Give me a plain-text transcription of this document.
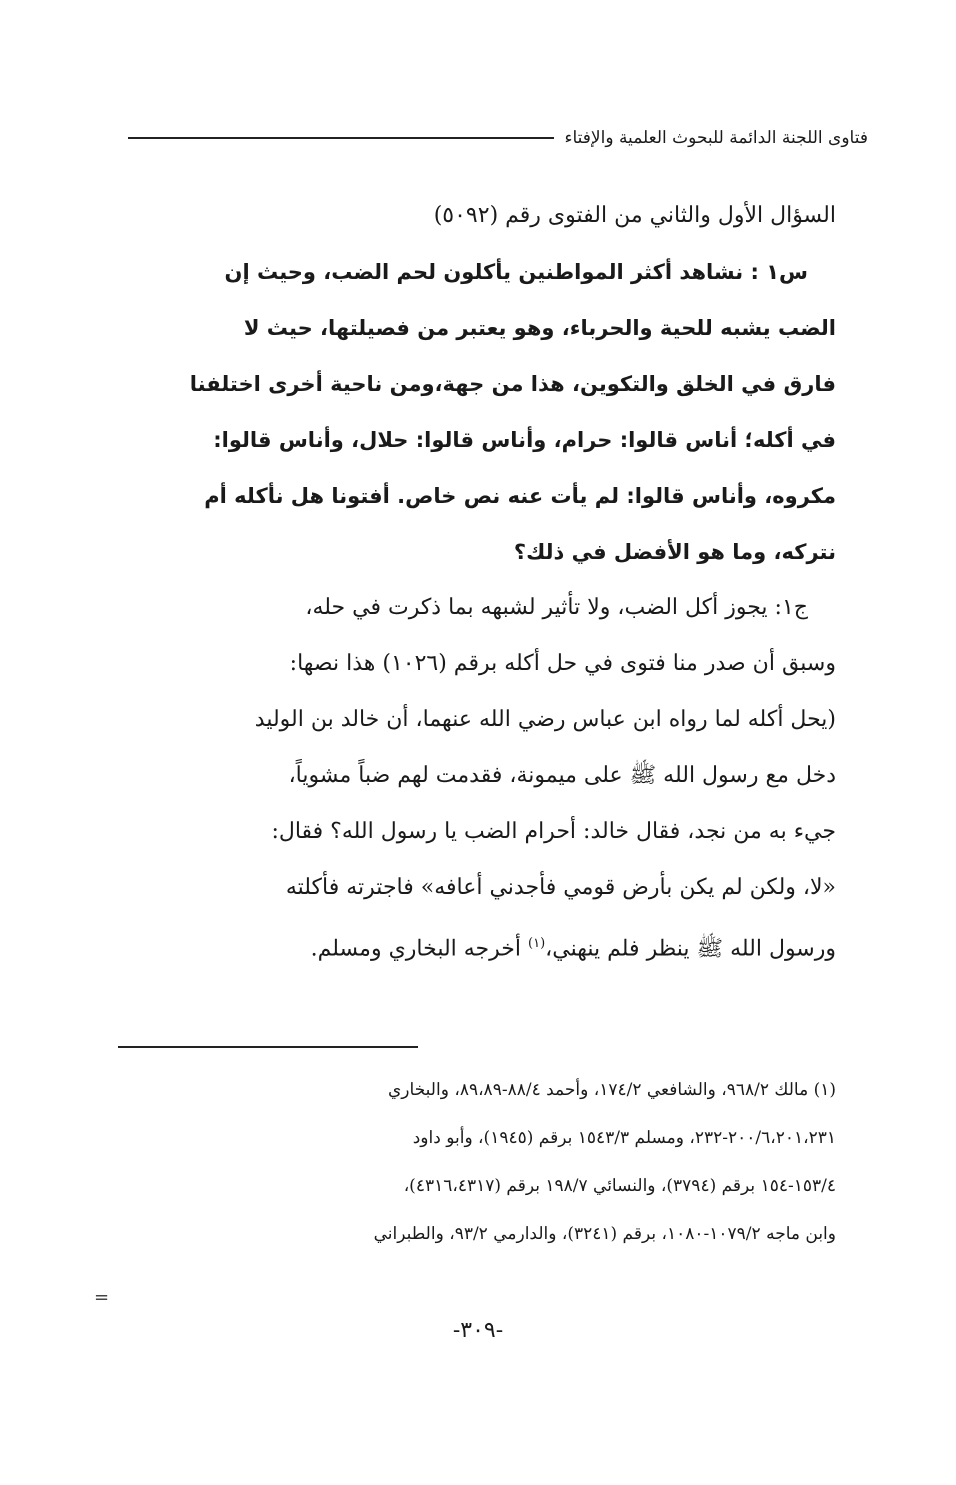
فتاوى اللجنة الدائمة للبحوث العلمية والإفتاء
السؤال الأول والثاني من الفتوى رقم (٥٠٩٢)
س١ : نشاهد أكثر المواطنين يأكلون لحم الضب، وحيث إن
الضب يشبه للحية والحرباء، وهو يعتبر من فصيلتها، حيث لا
فارق في الخلق والتكوين، هذا من جهة،ومن ناحية أخرى اختلفنا
في أكله؛ أناس قالوا: حرام، وأناس قالوا: حلال، وأناس قالوا:
مكروه، وأناس قالوا: لم يأت عنه نص خاص. أفتونا هل نأكله أم
نتركه، وما هو الأفضل في ذلك؟
ج١: يجوز أكل الضب، ولا تأثير لشبهه بما ذكرت في حله،
وسبق أن صدر منا فتوى في حل أكله برقم (١٠٢٦) هذا نصها:
(يحل أكله لما رواه ابن عباس رضي الله عنهما، أن خالد بن الوليد
دخل مع رسول الله ﷺ على ميمونة، فقدمت لهم ضباً مشوياً،
جيء به من نجد، فقال خالد: أحرام الضب يا رسول الله؟ فقال:
«لا، ولكن لم يكن بأرض قومي فأجدني أعافه» فاجترته فأكلته
ورسول الله ﷺ ينظر فلم ينهني،$^{(١)}$ أخرجه البخاري ومسلم.
(١) مالك ٩٦٨/٢، والشافعي ١٧٤/٢، وأحمد ٨٨/٤-٨٩،٨٩، والبخاري
٢٠٠/٦،٢٠١،٢٣١-٢٣٢، ومسلم ١٥٤٣/٣ برقم (١٩٤٥)، وأبو داود
١٥٣/٤-١٥٤ برقم (٣٧٩٤)، والنسائي ١٩٨/٧ برقم (٤٣١٦،٤٣١٧)،
وابن ماجه ١٠٧٩/٢-١٠٨٠، برقم (٣٢٤١)، والدارمي ٩٣/٢، والطبراني
=
-٣٠٩-
